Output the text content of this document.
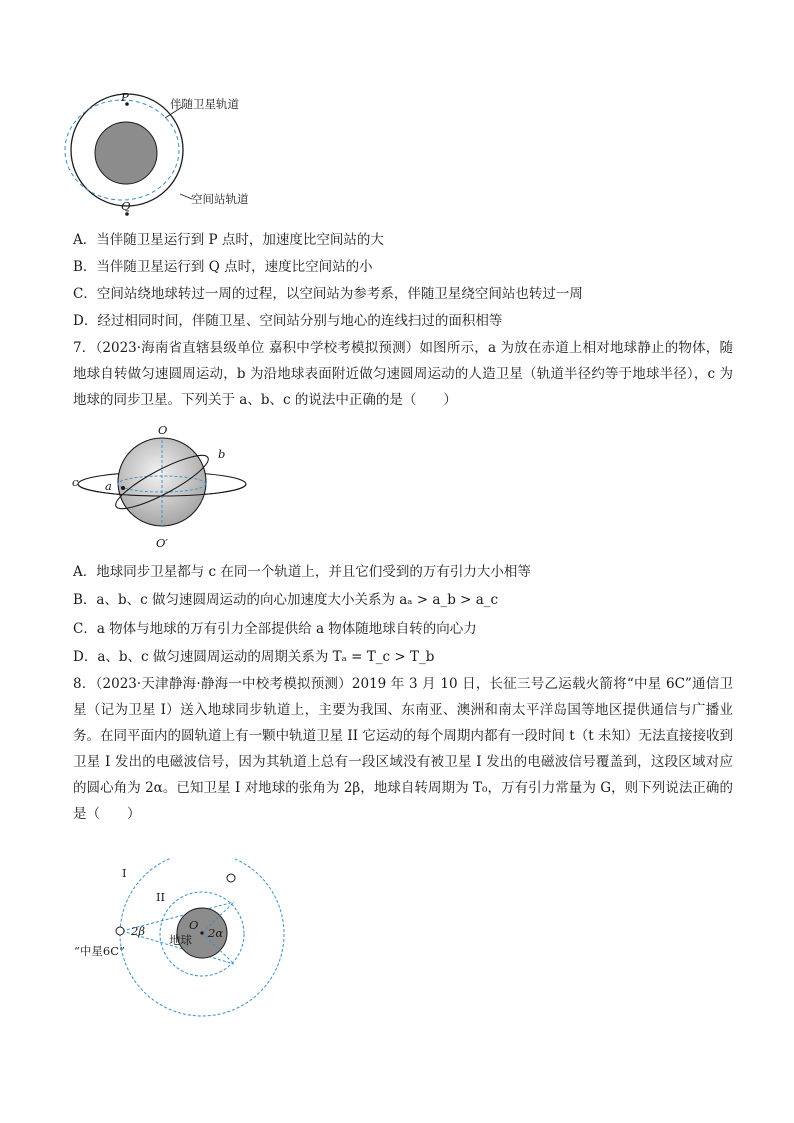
P
Q
伴随卫星轨道
空间站轨道
A．当伴随卫星运行到 P 点时，加速度比空间站的大
B．当伴随卫星运行到 Q 点时，速度比空间站的小
C．空间站绕地球转过一周的过程，以空间站为参考系，伴随卫星绕空间站也转过一周
D．经过相同时间，伴随卫星、空间站分别与地心的连线扫过的面积相等
7．（2023·海南省直辖县级单位 嘉积中学校考模拟预测）如图所示，a 为放在赤道上相对地球静止的物体，随地球自转做匀速圆周运动，b 为沿地球表面附近做匀速圆周运动的人造卫星（轨道半径约等于地球半径），c 为地球的同步卫星。下列关于 a、b、c 的说法中正确的是（　　）
O
O′
a
b
c
A．地球同步卫星都与 c 在同一个轨道上，并且它们受到的万有引力大小相等
B．a、b、c 做匀速圆周运动的向心加速度大小关系为 aₐ > a_b > a_c
C．a 物体与地球的万有引力全部提供给 a 物体随地球自转的向心力
D．a、b、c 做匀速圆周运动的周期关系为 Tₐ = T_c > T_b
8．（2023·天津静海·静海一中校考模拟预测）2019 年 3 月 10 日，长征三号乙运载火箭将“中星 6C”通信卫星（记为卫星 I）送入地球同步轨道上，主要为我国、东南亚、澳洲和南太平洋岛国等地区提供通信与广播业务。在同平面内的圆轨道上有一颗中轨道卫星 II 它运动的每个周期内都有一段时间 t（t 未知）无法直接接收到卫星 I 发出的电磁波信号，因为其轨道上总有一段区域没有被卫星 I 发出的电磁波信号覆盖到，这段区域对应的圆心角为 2α。已知卫星 I 对地球的张角为 2β，地球自转周期为 T₀，万有引力常量为 G，则下列说法正确的是（　　）
I
II
O
地球 2α
2β
“中星6C”
